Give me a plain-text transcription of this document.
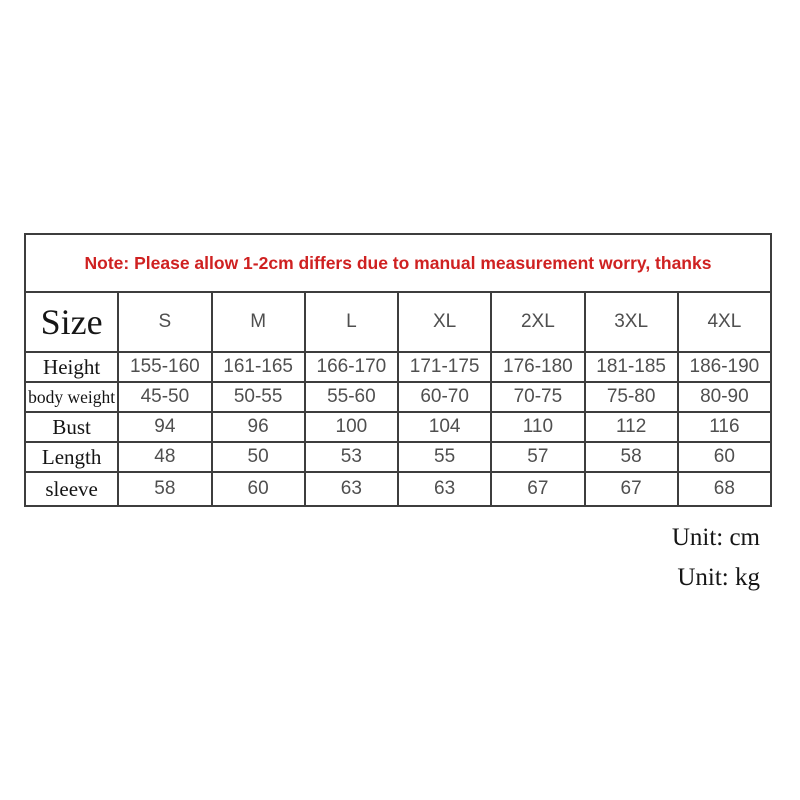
Note: Please allow 1-2cm differs due to manual measurement worry, thanks							
Size	S	M	L	XL	2XL	3XL	4XL
Height	155-160	161-165	166-170	171-175	176-180	181-185	186-190
body weight	45-50	50-55	55-60	60-70	70-75	75-80	80-90
Bust	94	96	100	104	110	112	116
Length	48	50	53	55	57	58	60
sleeve	58	60	63	63	67	67	68
Unit: cm
Unit: kg
